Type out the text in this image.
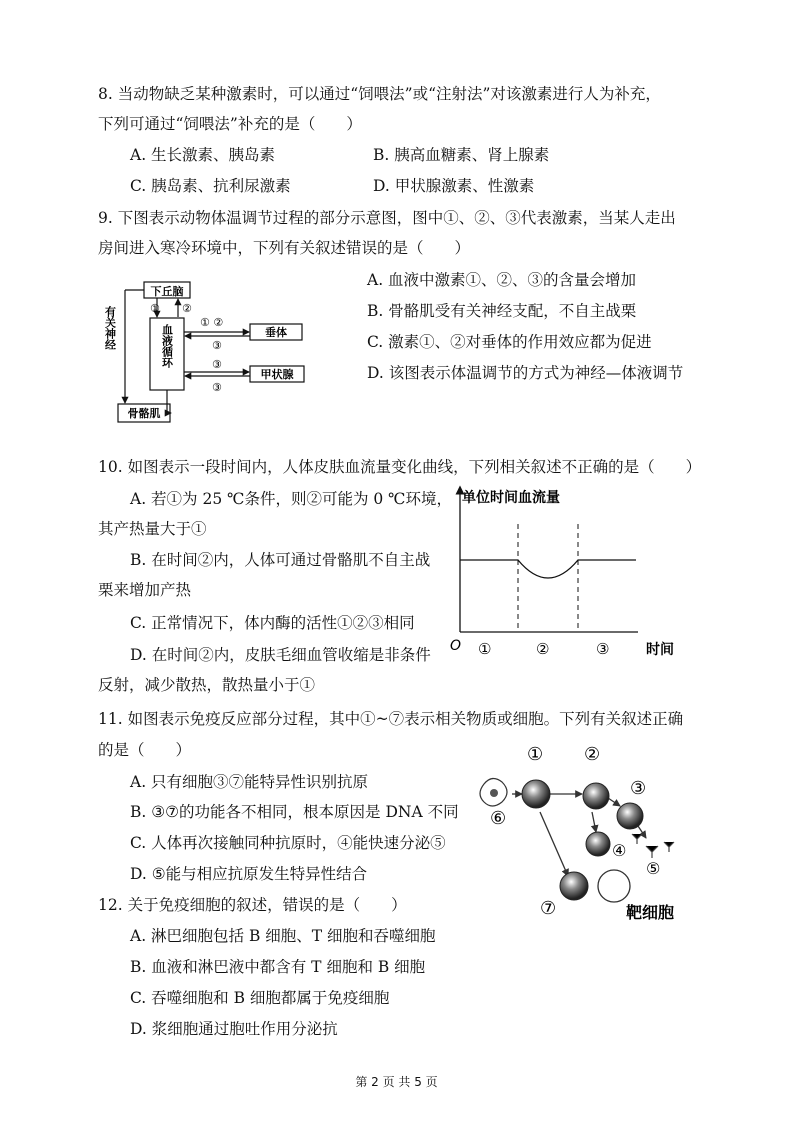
8. 当动物缺乏某种激素时，可以通过“饲喂法”或“注射法”对该激素进行人为补充，
下列可通过“饲喂法”补充的是（　　）
A. 生长激素、胰岛素	B. 胰高血糖素、肾上腺素
C. 胰岛素、抗利尿激素	D. 甲状腺激素、性激素
9. 下图表示动物体温调节过程的部分示意图，图中①、②、③代表激素，当某人走出
房间进入寒冷环境中，下列有关叙述错误的是（　　）
下丘脑
有关神经	血液循环	垂体
甲状腺
骨骼肌
① ②
① ②
③
③
③
A. 血液中激素①、②、③的含量会增加
B. 骨骼肌受有关神经支配，不自主战栗
C. 激素①、②对垂体的作用效应都为促进
D. 该图表示体温调节的方式为神经—体液调节
10. 如图表示一段时间内，人体皮肤血流量变化曲线，下列相关叙述不正确的是（　　）
A. 若①为 25 ℃条件，则②可能为 0 ℃环境，
其产热量大于①
B. 在时间②内，人体可通过骨骼肌不自主战
栗来增加产热
C. 正常情况下，体内酶的活性①②③相同
D. 在时间②内，皮肤毛细血管收缩是非条件
反射，减少散热，散热量小于①
单位时间血流量
O ①	②	③	时间
11. 如图表示免疫反应部分过程，其中①~⑦表示相关物质或细胞。下列有关叙述正确
的是（　　）
A. 只有细胞③⑦能特异性识别抗原
B. ③⑦的功能各不相同，根本原因是 DNA 不同
C. 人体再次接触同种抗原时，④能快速分泌⑤
D. ⑤能与相应抗原发生特异性结合
① ②
③
④
⑤
⑥
⑦	靶细胞
12. 关于免疫细胞的叙述，错误的是（　　）
A. 淋巴细胞包括 B 细胞、T 细胞和吞噬细胞
B. 血液和淋巴液中都含有 T 细胞和 B 细胞
C. 吞噬细胞和 B 细胞都属于免疫细胞
D. 浆细胞通过胞吐作用分泌抗
第 2 页 共 5 页
